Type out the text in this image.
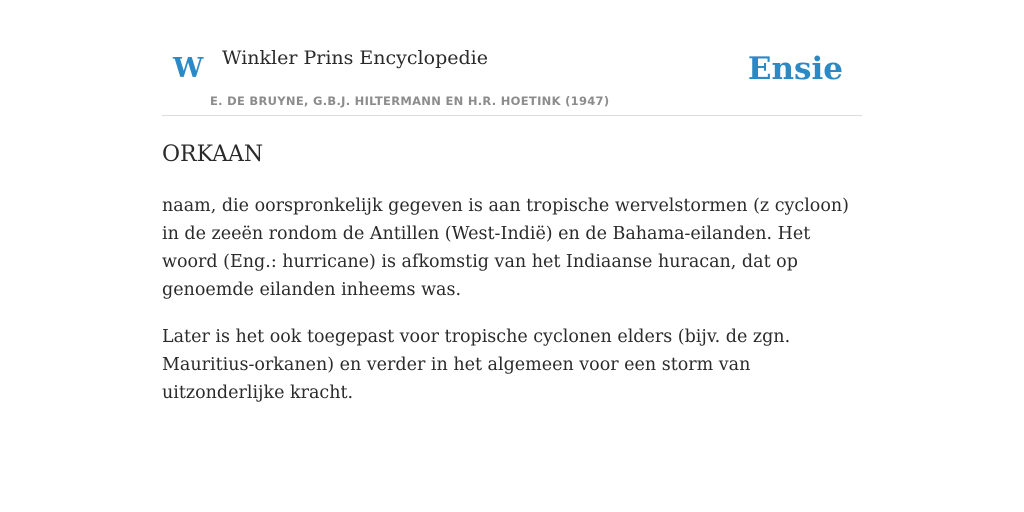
W Winkler Prins Encyclopedie
E. DE BRUYNE, G.B.J. HILTERMANN EN H.R. HOETINK (1947)
Ensie
ORKAAN

naam, die oorspronkelijk gegeven is aan tropische wervelstormen (z cycloon) in de zeeën rondom de Antillen (West-Indië) en de Bahama-eilanden. Het woord (Eng.: hurricane) is afkomstig van het Indiaanse huracan, dat op genoemde eilanden inheems was.

Later is het ook toegepast voor tropische cyclonen elders (bijv. de zgn. Mauritius-orkanen) en verder in het algemeen voor een storm van uitzonderlijke kracht.
